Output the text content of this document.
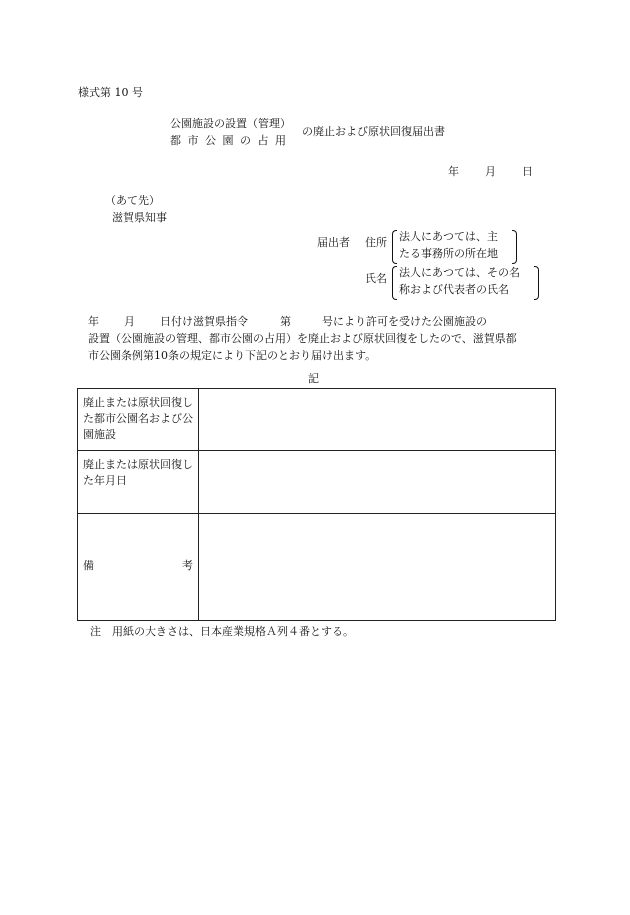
様式第 10 号
公園施設の設置（管理）
都市公園の占用
の廃止および原状回復届出書
年 月 日
（あて先）
滋賀県知事
届出者 住所 法人にあつては、主
たる事務所の所在地
氏名 法人にあつては、その名
称および代表者の氏名
年 月 日付け滋賀県指令	第	号により許可を受けた公園施設の
設置（公園施設の管理、都市公園の占用）を廃止および原状回復をしたので、滋賀県都
市公園条例第10条の規定により下記のとおり届け出ます。
記
廃止または原状回復した都市公園名および公園施設	
廃止または原状回復した年月日	

備 考	

注　用紙の大きさは、日本産業規格Ａ列４番とする。
